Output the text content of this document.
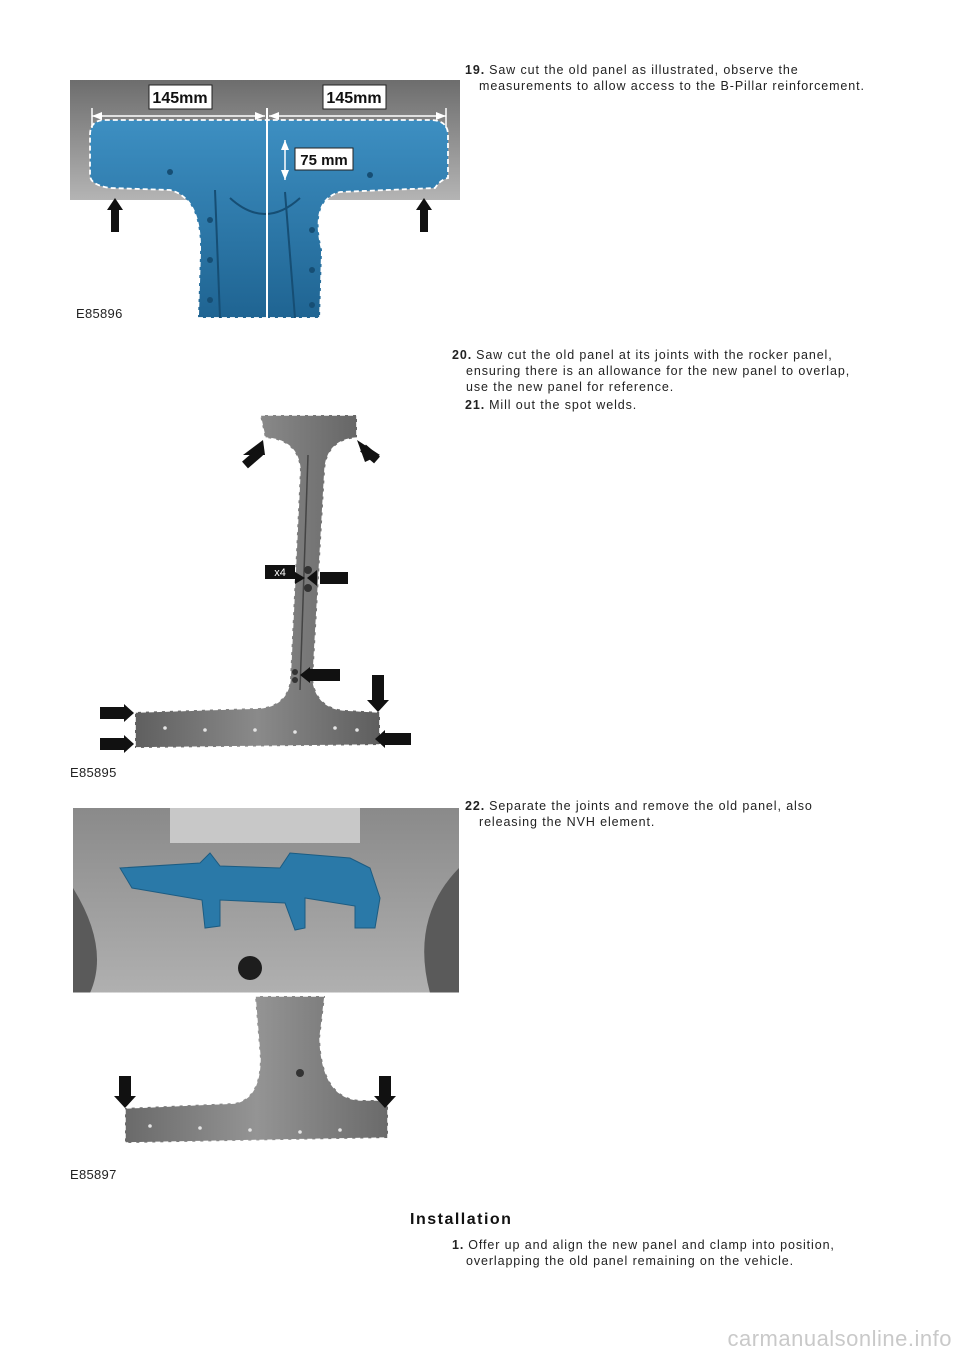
145mm	145mm
75 mm
E85896
x4
E85895
E85897
19. Saw cut the old panel as illustrated, observe the
measurements to allow access to the B-Pillar reinforcement.
20. Saw cut the old panel at its joints with the rocker panel,
ensuring there is an allowance for the new panel to overlap,
use the new panel for reference.
21. Mill out the spot welds.
22. Separate the joints and remove the old panel, also
releasing the NVH element.
Installation
1. Offer up and align the new panel and clamp into position,
overlapping the old panel remaining on the vehicle.
carmanualsonline.info
